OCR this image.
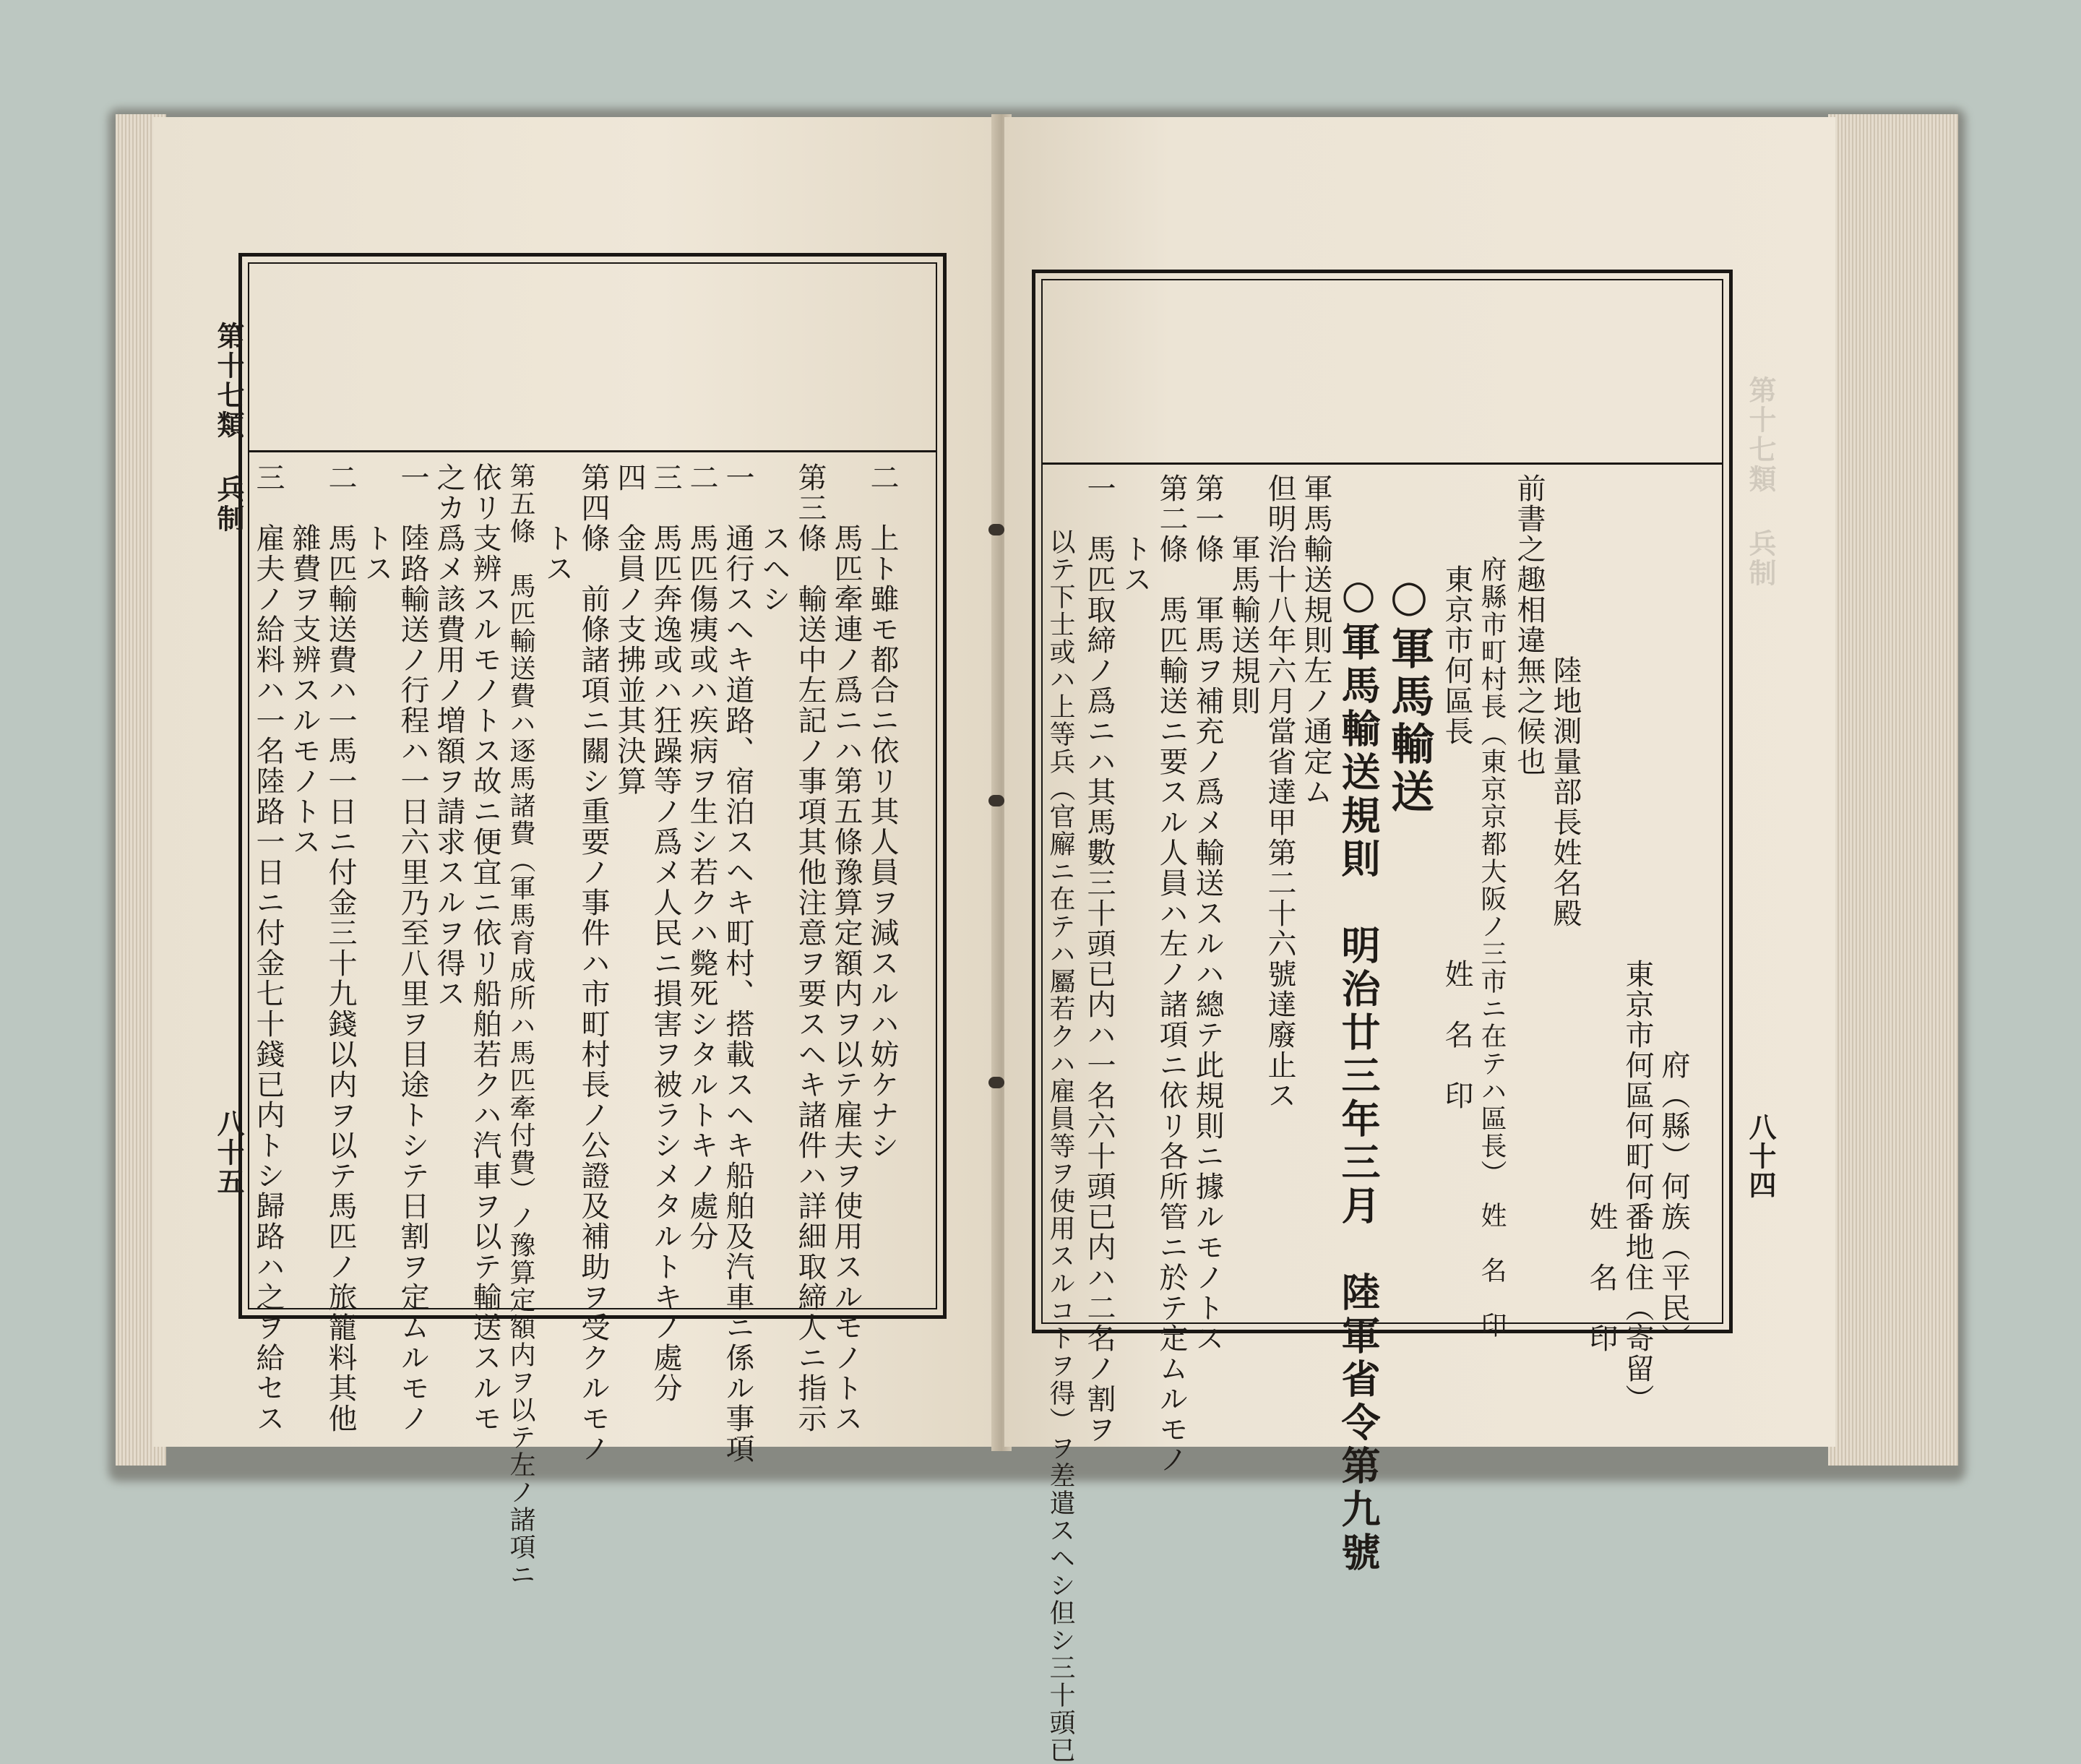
第十七類 兵制
八十五	二　上ト雖モ都合ニ依リ其人員ヲ減スルハ妨ケナシ
　　馬匹牽連ノ爲ニハ第五條豫算定額内ヲ以テ雇夫ヲ使用スルモノトス
第三條　輸送中左記ノ事項其他注意ヲ要スヘキ諸件ハ詳細取締人ニ指示
　　スヘシ
一　通行スヘキ道路、宿泊スヘキ町村、搭載スヘキ船舶及汽車ニ係ル事項
二　馬匹傷痍或ハ疾病ヲ生シ若クハ斃死シタルトキノ處分
三　馬匹奔逸或ハ狂躁等ノ爲メ人民ニ損害ヲ被ラシメタルトキノ處分
四　金員ノ支拂並其決算
第四條　前條諸項ニ關シ重要ノ事件ハ市町村長ノ公證及補助ヲ受クルモノ
　　トス
第五條　馬匹輸送費ハ逐馬諸費（軍馬育成所ハ馬匹牽付費）ノ豫算定額内ヲ以テ左ノ諸項ニ
依リ支辨スルモノトス故ニ便宜ニ依リ船舶若クハ汽車ヲ以テ輸送スルモ
之カ爲メ該費用ノ増額ヲ請求スルヲ得ス
一　陸路輸送ノ行程ハ一日六里乃至八里ヲ目途トシテ日割ヲ定ムルモノ
　　トス
二　馬匹輸送費ハ一馬一日ニ付金三十九錢以内ヲ以テ馬匹ノ旅籠料其他
　　雜費ヲ支辨スルモノトス
三　雇夫ノ給料ハ一名陸路一日ニ付金七十錢已内トシ歸路ハ之ヲ給セス	第十七類 兵制
八十四
　　　　　　　　　　　　　　　　　　　府（縣）何族（平民）
　　　　　　　　　　　　　　　　東京市何區何町何番地住（寄留）
　　　　　　　　　　　　　　　　　　　　　　　　姓　名　印
　　　　　　陸地測量部長姓名殿
前書之趣相違無之候也
　　　府縣市町村長（東京京都大阪ノ三市ニ在テハ區長）　姓　名　印
　　　東京市何區長　　　　　　　姓　名　印
○軍馬輸送
○軍馬輸送規則　明治廿三年三月　陸軍省令第九號
軍馬輸送規則左ノ通定ム
但明治十八年六月當省達甲第二十六號達廢止ス
　　軍馬輸送規則
第一條　軍馬ヲ補充ノ爲メ輸送スルハ總テ此規則ニ據ルモノトス
第二條　馬匹輸送ニ要スル人員ハ左ノ諸項ニ依リ各所管ニ於テ定ムルモノ
　　トス
一　馬匹取締ノ爲ニハ其馬數三十頭已内ハ一名六十頭已内ハ二名ノ割ヲ
　　以テ下士或ハ上等兵（官廨ニ在テハ屬若クハ雇員等ヲ使用スルコトヲ得）ヲ差遣スヘシ但シ三十頭已
